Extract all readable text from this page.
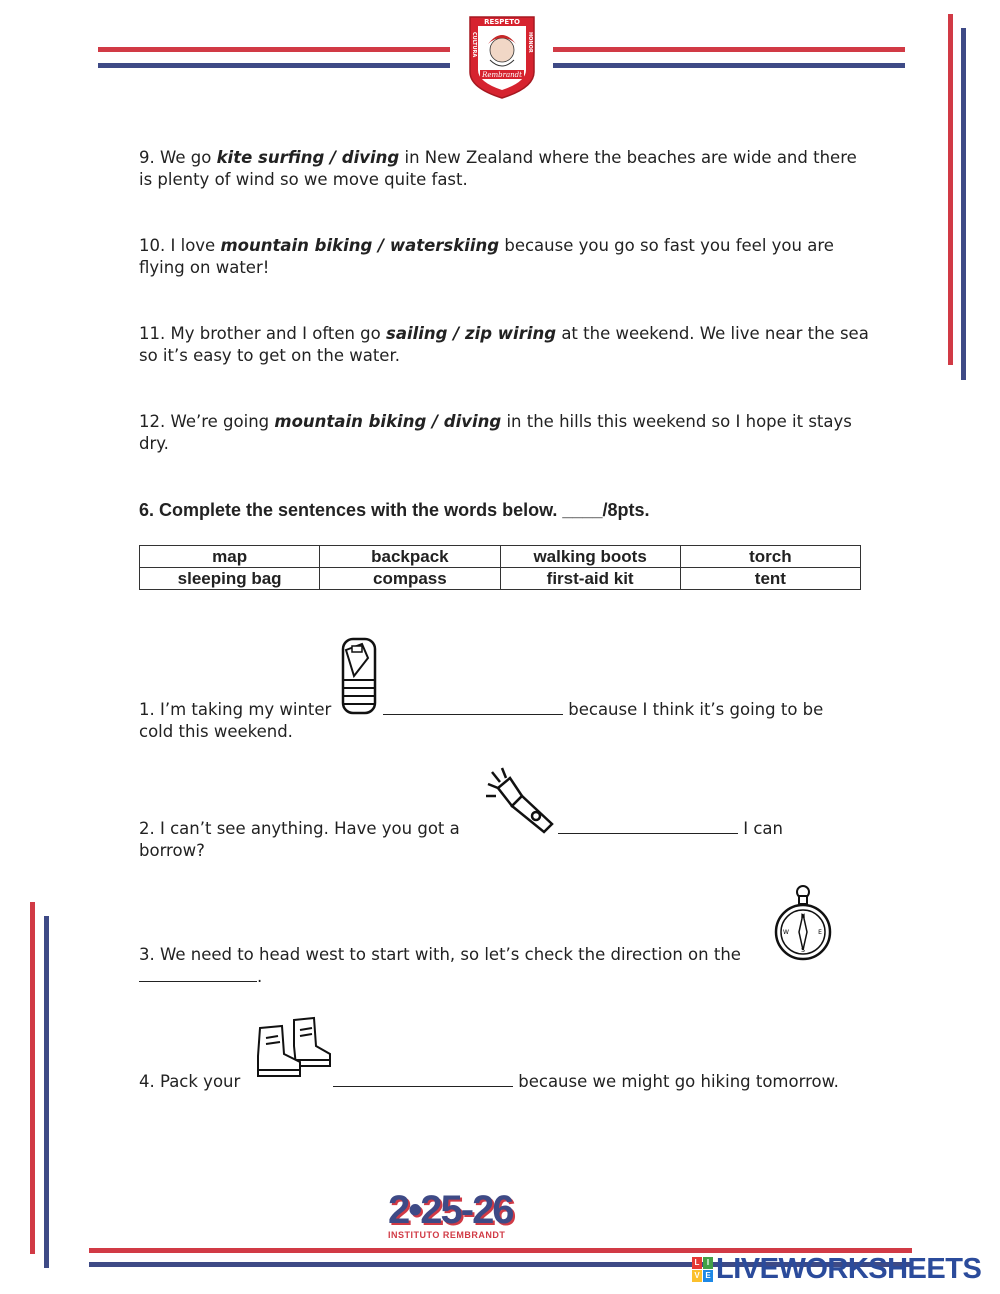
Rembrandt
RESPETO
CULTURA	HONOR
9. We go kite surfing / diving in New Zealand where the beaches are wide and there is plenty of wind so we move quite fast.
10. I love mountain biking / waterskiing because you go so fast you feel you are flying on water!
11. My brother and I often go sailing / zip wiring at the weekend. We live near the sea so it’s easy to get on the water.
12. We’re going mountain biking / diving in the hills this weekend so I hope it stays dry.
6. Complete the sentences with the words below. ____/8pts.
map	backpack	walking boots	torch
sleeping bag	compass	first-aid kit	tent
1. I’m taking my winter	because I think it’s going to be
cold this weekend.
2. I can’t see anything. Have you got a	I can
borrow?
N
S
W	E
3. We need to head west to start with, so let’s check the direction on the
.
4. Pack your	because we might go hiking tomorrow.
2•25-26
INSTITUTO REMBRANDT
L I
V E LIVEWORKSHEETS
